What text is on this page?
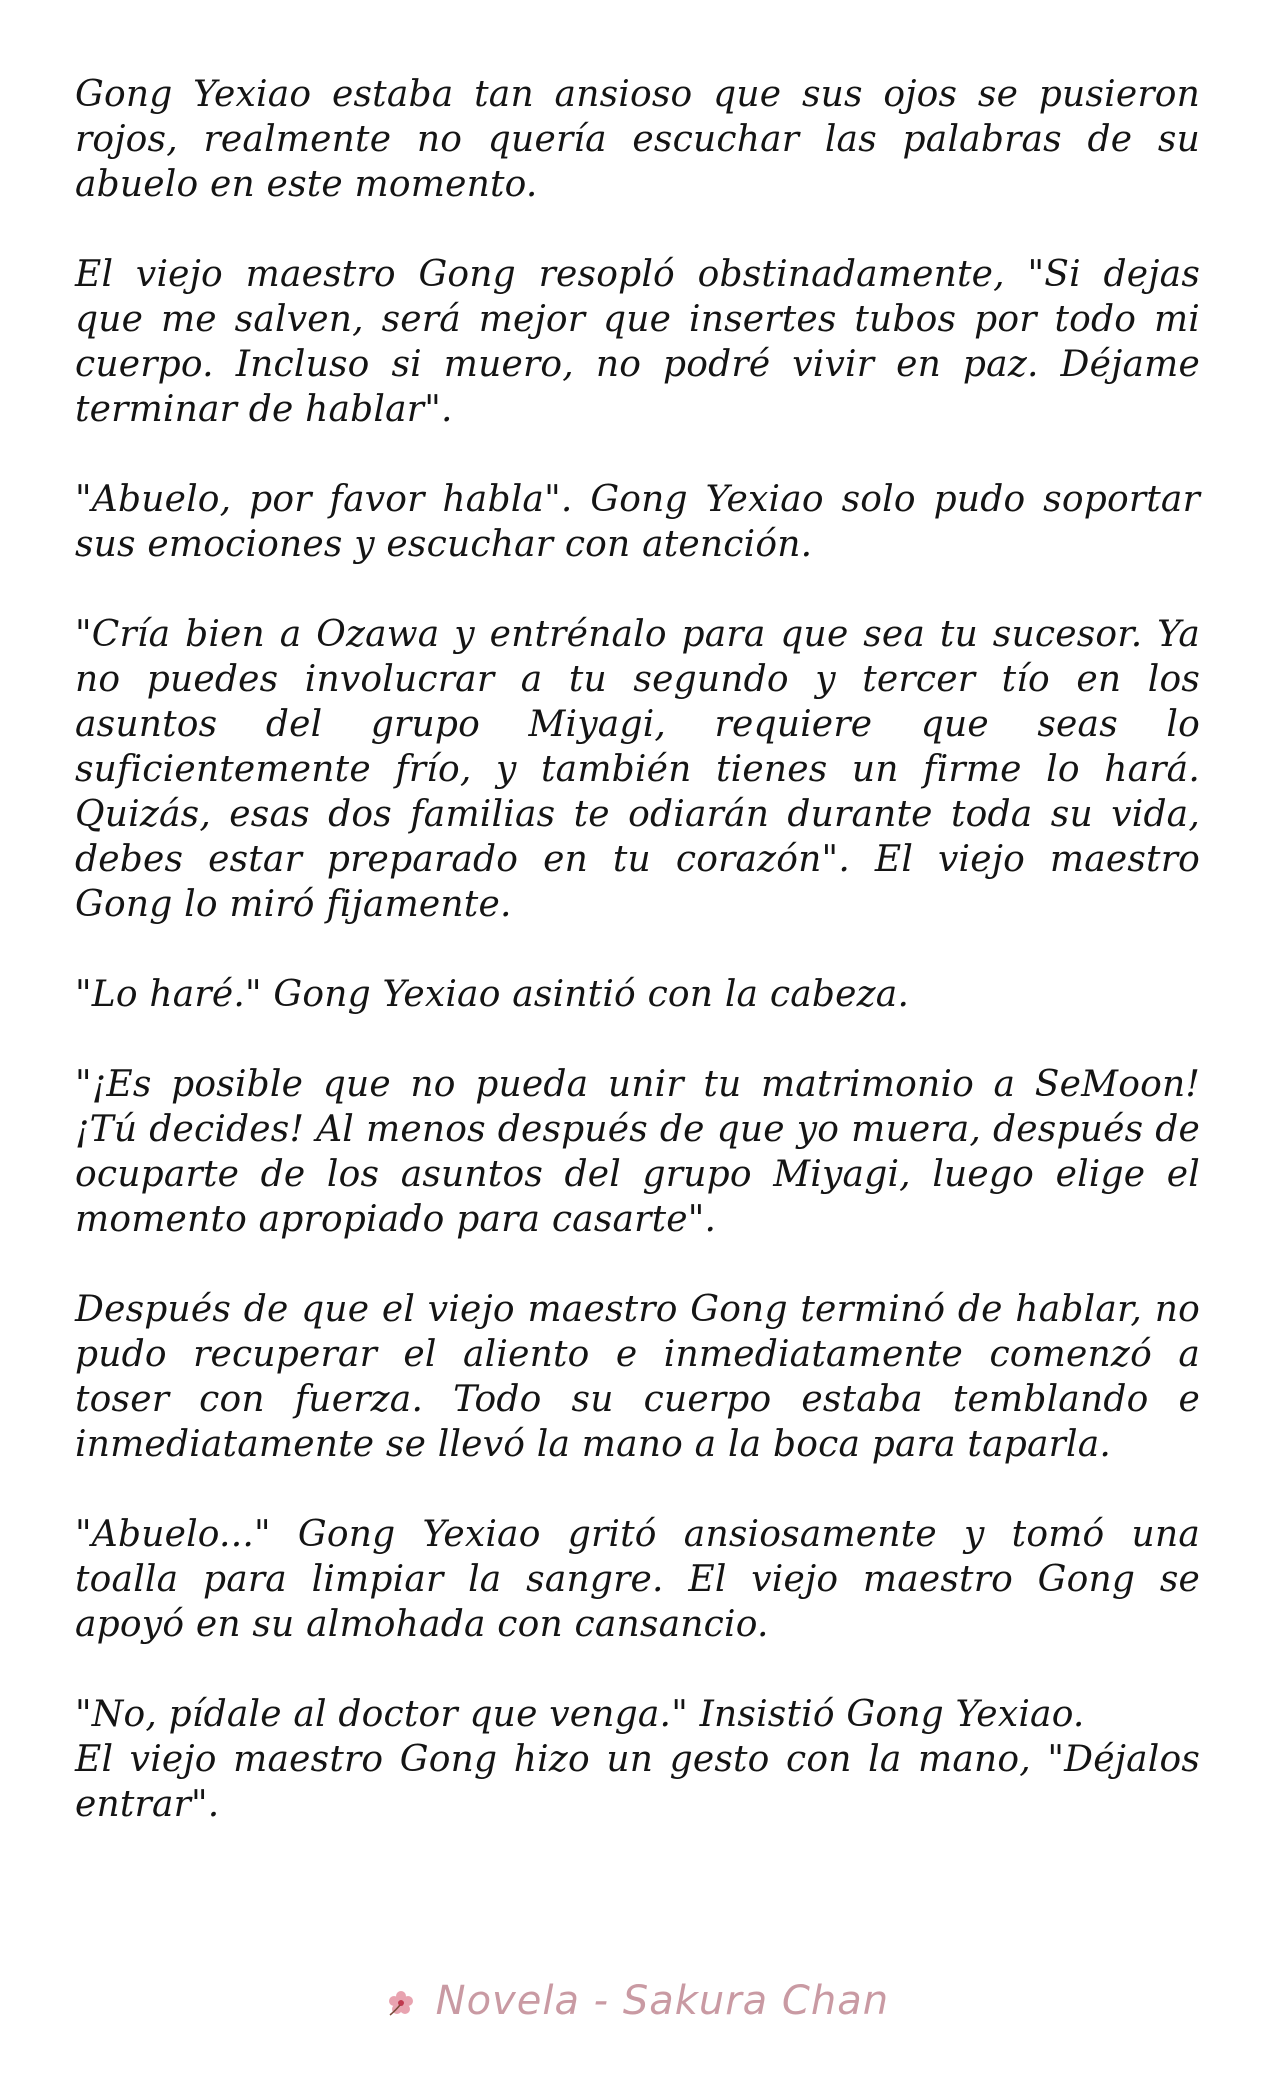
Gong Yexiao estaba tan ansioso que sus ojos se pusieron rojos, realmente no quería escuchar las palabras de su abuelo en este momento.

El viejo maestro Gong resopló obstinadamente, "Si dejas que me salven, será mejor que insertes tubos por todo mi cuerpo. Incluso si muero, no podré vivir en paz. Déjame terminar de hablar".

"Abuelo, por favor habla". Gong Yexiao solo pudo soportar sus emociones y escuchar con atención.

"Cría bien a Ozawa y entrénalo para que sea tu sucesor. Ya no puedes involucrar a tu segundo y tercer tío en los asuntos del grupo Miyagi, requiere que seas lo suficientemente frío, y también tienes un firme lo hará. Quizás, esas dos familias te odiarán durante toda su vida, debes estar preparado en tu corazón". El viejo maestro Gong lo miró fijamente.

"Lo haré." Gong Yexiao asintió con la cabeza.

"¡Es posible que no pueda unir tu matrimonio a SeMoon! ¡Tú decides! Al menos después de que yo muera, después de ocuparte de los asuntos del grupo Miyagi, luego elige el momento apropiado para casarte".

Después de que el viejo maestro Gong terminó de hablar, no pudo recuperar el aliento e inmediatamente comenzó a toser con fuerza. Todo su cuerpo estaba temblando e inmediatamente se llevó la mano a la boca para taparla.

"Abuelo..." Gong Yexiao gritó ansiosamente y tomó una toalla para limpiar la sangre. El viejo maestro Gong se apoyó en su almohada con cansancio.

"No, pídale al doctor que venga." Insistió Gong Yexiao.

El viejo maestro Gong hizo un gesto con la mano, "Déjalos entrar".

Novela - Sakura Chan
